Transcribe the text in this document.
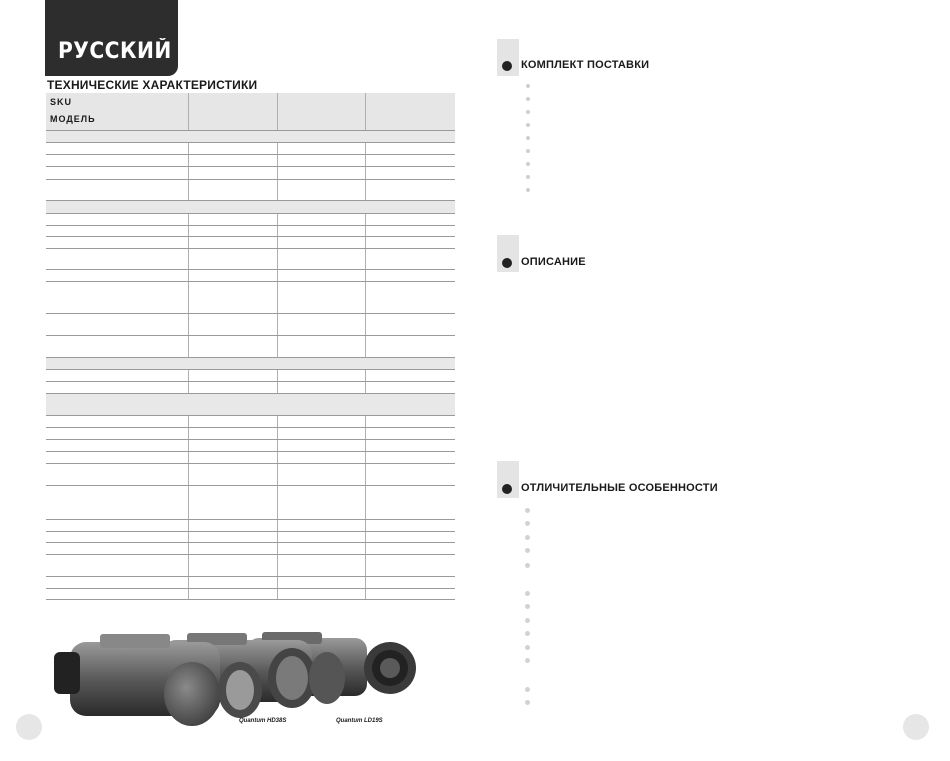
РУССКИЙ
ТЕХНИЧЕСКИЕ ХАРАКТЕРИСТИКИ
SKU
МОДЕЛЬ			

Quantum HD38S	Quantum LD19S
КОМПЛЕКТ ПОСТАВКИ
ОПИСАНИЕ
ОТЛИЧИТЕЛЬНЫЕ ОСОБЕННОСТИ
